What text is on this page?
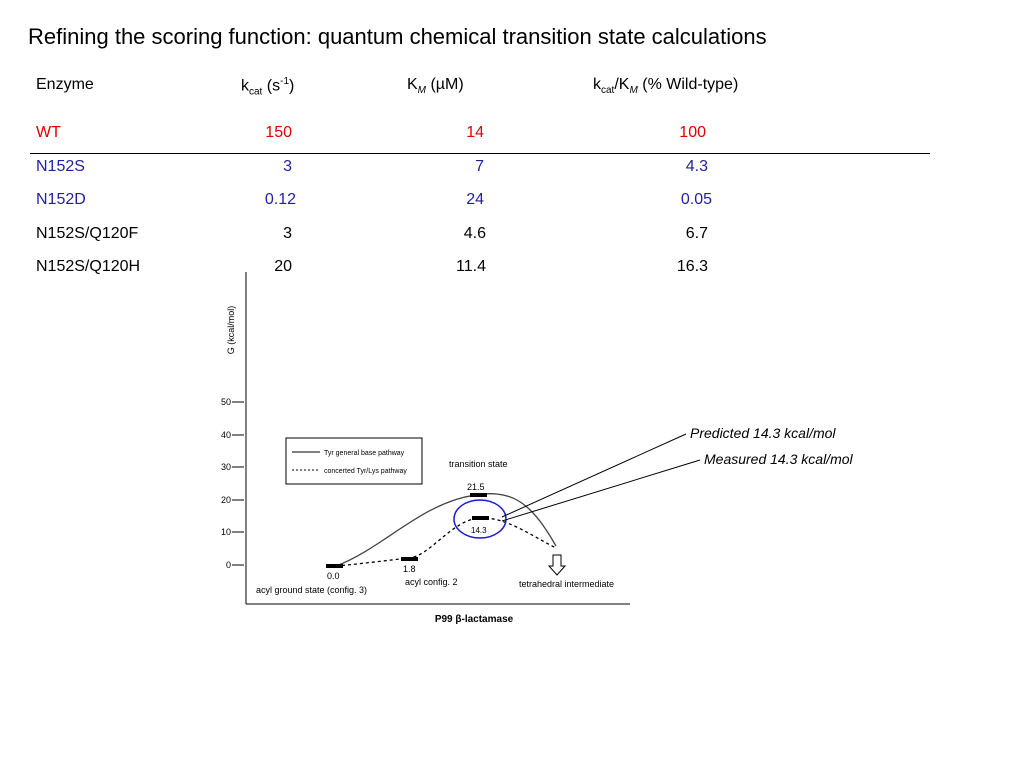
Refining the scoring function: quantum chemical transition state calculations
Enzyme	$k_{cat}$ $(s^{-1})$	$K_M$ (µM)	$k_{cat}/K_M$ (% Wild-type)
WT	150	14	100
N152S	3	7	4.3
N152D	0.12	24	0.05
N152S/Q120F	3	4.6	6.7
N152S/Q120H	20	11.4	16.3
G (kcal/mol)
P99 β-lactamase
50
40
30
20
10
0
Tyr general base pathway
concerted Tyr/Lys pathway
0.0
acyl ground state (config. 3)
1.8
acyl config. 2
transition state
21.5
14.3
tetrahedral intermediate
Predicted 14.3 kcal/mol
Measured 14.3 kcal/mol
